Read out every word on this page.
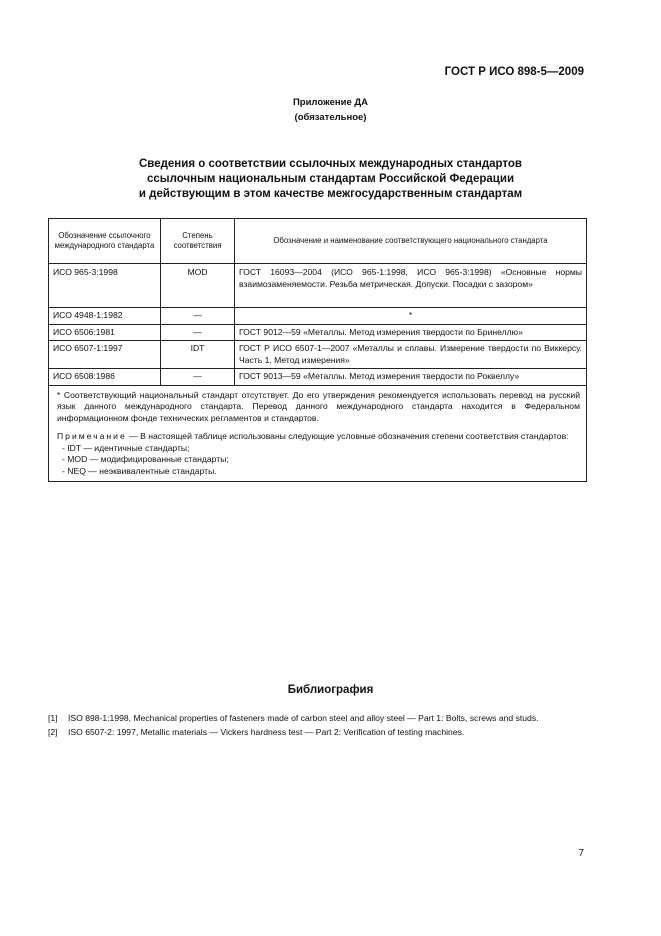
ГОСТ Р ИСО 898-5—2009
Приложение ДА
(обязательное)
Сведения о соответствии ссылочных международных стандартов
ссылочным национальным стандартам Российской Федерации
и действующим в этом качестве межгосударственным стандартам
Обозначение ссылочного международного стандарта	Степень соответствия	Обозначение и наименование соответствующего национального стандарта
ИСО 965-3:1998	MOD	ГОСТ 16093—2004 (ИСО 965-1:1998, ИСО 965-3:1998) «Основные нормы взаимозаменяемости. Резьба метрическая. Допуски. Посадки с зазором»
ИСО 4948-1:1982	—	*
ИСО 6506:1981	—	ГОСТ 9012—59 «Металлы. Метод измерения твердости по Бринеллю»
ИСО 6507-1:1997	IDT	ГОСТ Р ИСО 6507-1—2007 «Металлы и сплавы. Измерение твердости по Виккерсу. Часть 1. Метод измерения»
ИСО 6508:1986	—	ГОСТ 9013—59 «Металлы. Метод измерения твердости по Роквеллу»

* Соответствующий национальный стандарт отсутствует. До его утверждения рекомендуется использовать перевод на русский язык данного международного стандарта. Перевод данного международного стандарта находится в Федеральном информационном фонде технических регламентов и стандартов.

Примечание — В настоящей таблице использованы следующие условные обозначения степени соответствия стандартов:

- IDT — идентичные стандарты;
- MOD — модифицированные стандарты;
- NEQ — неэквивалентные стандарты.		
Библиография
[1] ISO 898-1:1998, Mechanical properties of fasteners made of carbon steel and alloy steel — Part 1: Bolts, screws and studs.
[2] ISO 6507-2: 1997, Metallic materials — Vickers hardness test — Part 2: Verification of testing machines.
7
